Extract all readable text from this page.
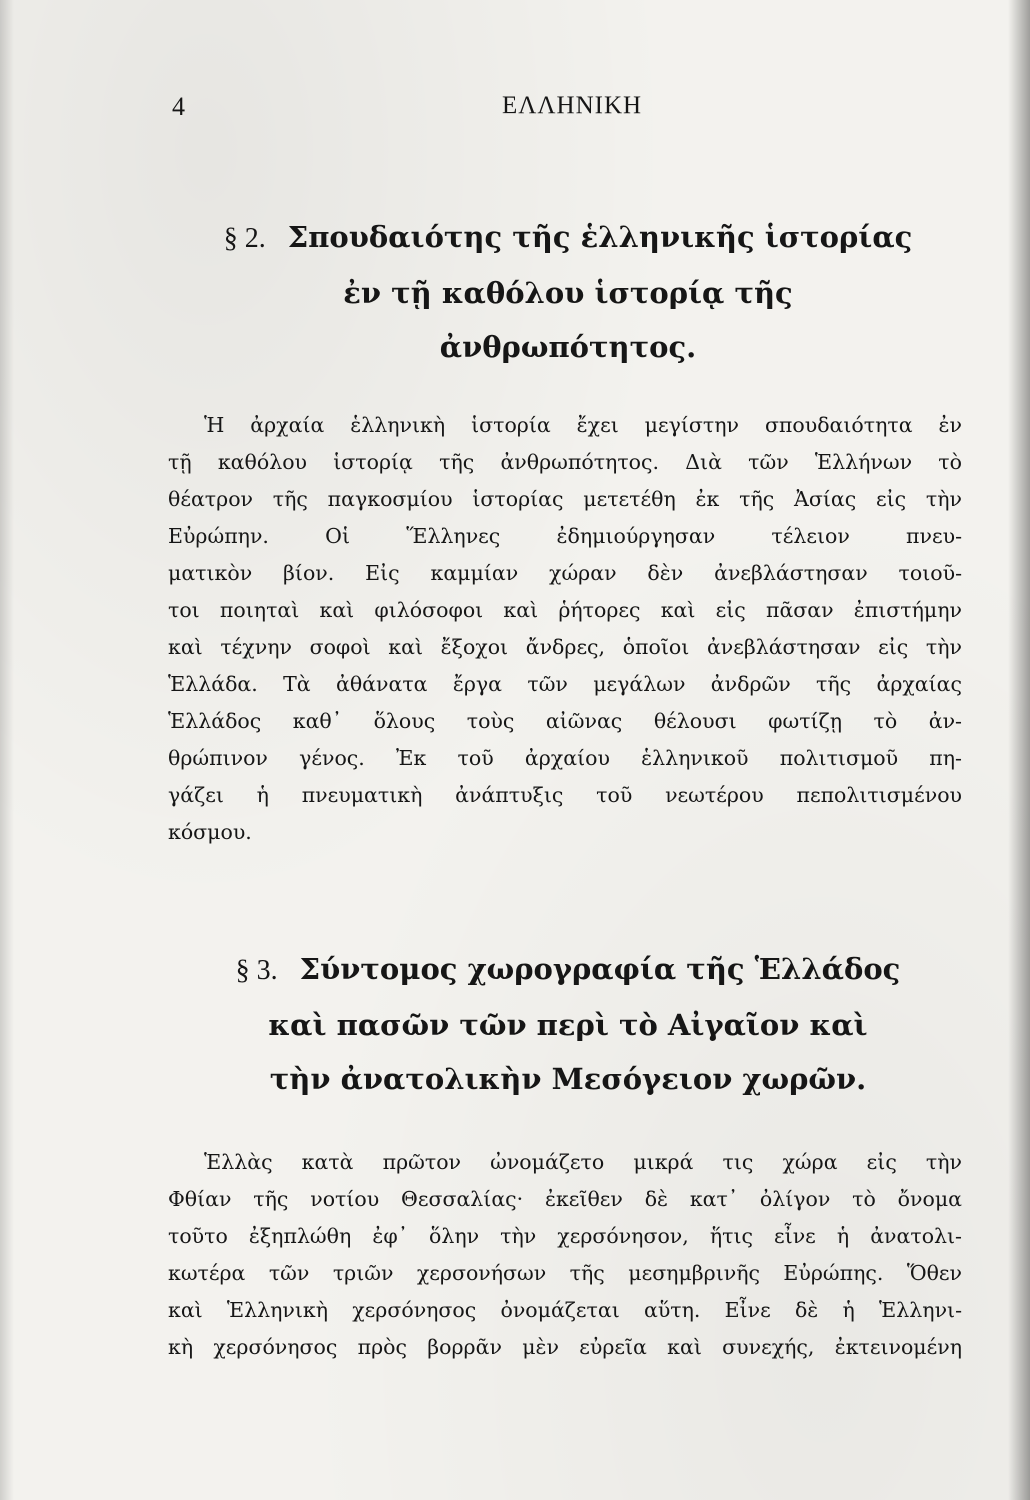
4	ΕΛΛΗΝΙΚΗ
§ 2. Σπουδαιότης τῆς ἑλληνικῆς ἱστορίας
ἐν τῇ καθόλου ἱστορίᾳ τῆς
ἀνθρωπότητος.
Ἡ ἀρχαία ἑλληνικὴ ἱστορία ἔχει μεγίστην σπουδαιότητα ἐν
τῇ καθόλου ἱστορίᾳ τῆς ἀνθρωπότητος. Διὰ τῶν Ἑλλήνων τὸ
θέατρον τῆς παγκοσμίου ἱστορίας μετετέθη ἐκ τῆς Ἀσίας εἰς τὴν
Εὐρώπην. Οἱ Ἕλληνες ἐδημιούργησαν τέλειον πνευ-
ματικὸν βίον. Εἰς καμμίαν χώραν δὲν ἀνεβλάστησαν τοιοῦ-
τοι ποιηταὶ καὶ φιλόσοφοι καὶ ῥήτορες καὶ εἰς πᾶσαν ἐπιστήμην
καὶ τέχνην σοφοὶ καὶ ἔξοχοι ἄνδρες, ὁποῖοι ἀνεβλάστησαν εἰς τὴν
Ἑλλάδα. Τὰ ἀθάνατα ἔργα τῶν μεγάλων ἀνδρῶν τῆς ἀρχαίας
Ἑλλάδος καθ᾽ ὅλους τοὺς αἰῶνας θέλουσι φωτίζῃ τὸ ἀν-
θρώπινον γένος. Ἐκ τοῦ ἀρχαίου ἑλληνικοῦ πολιτισμοῦ πη-
γάζει ἡ πνευματικὴ ἀνάπτυξις τοῦ νεωτέρου πεπολιτισμένου
κόσμου.
§ 3. Σύντομος χωρογραφία τῆς Ἑλλάδος
καὶ πασῶν τῶν περὶ τὸ Αἰγαῖον καὶ
τὴν ἀνατολικὴν Μεσόγειον χωρῶν.
Ἑλλὰς κατὰ πρῶτον ὠνομάζετο μικρά τις χώρα εἰς τὴν
Φθίαν τῆς νοτίου Θεσσαλίας· ἐκεῖθεν δὲ κατ᾽ ὀλίγον τὸ ὄνομα
τοῦτο ἐξηπλώθη ἐφ᾽ ὅλην τὴν χερσόνησον, ἥτις εἶνε ἡ ἀνατολι-
κωτέρα τῶν τριῶν χερσονήσων τῆς μεσημβρινῆς Εὐρώπης. Ὅθεν
καὶ Ἑλληνικὴ χερσόνησος ὀνομάζεται αὕτη. Εἶνε δὲ ἡ Ἑλληνι-
κὴ χερσόνησος πρὸς βορρᾶν μὲν εὐρεῖα καὶ συνεχής, ἐκτεινομένη
